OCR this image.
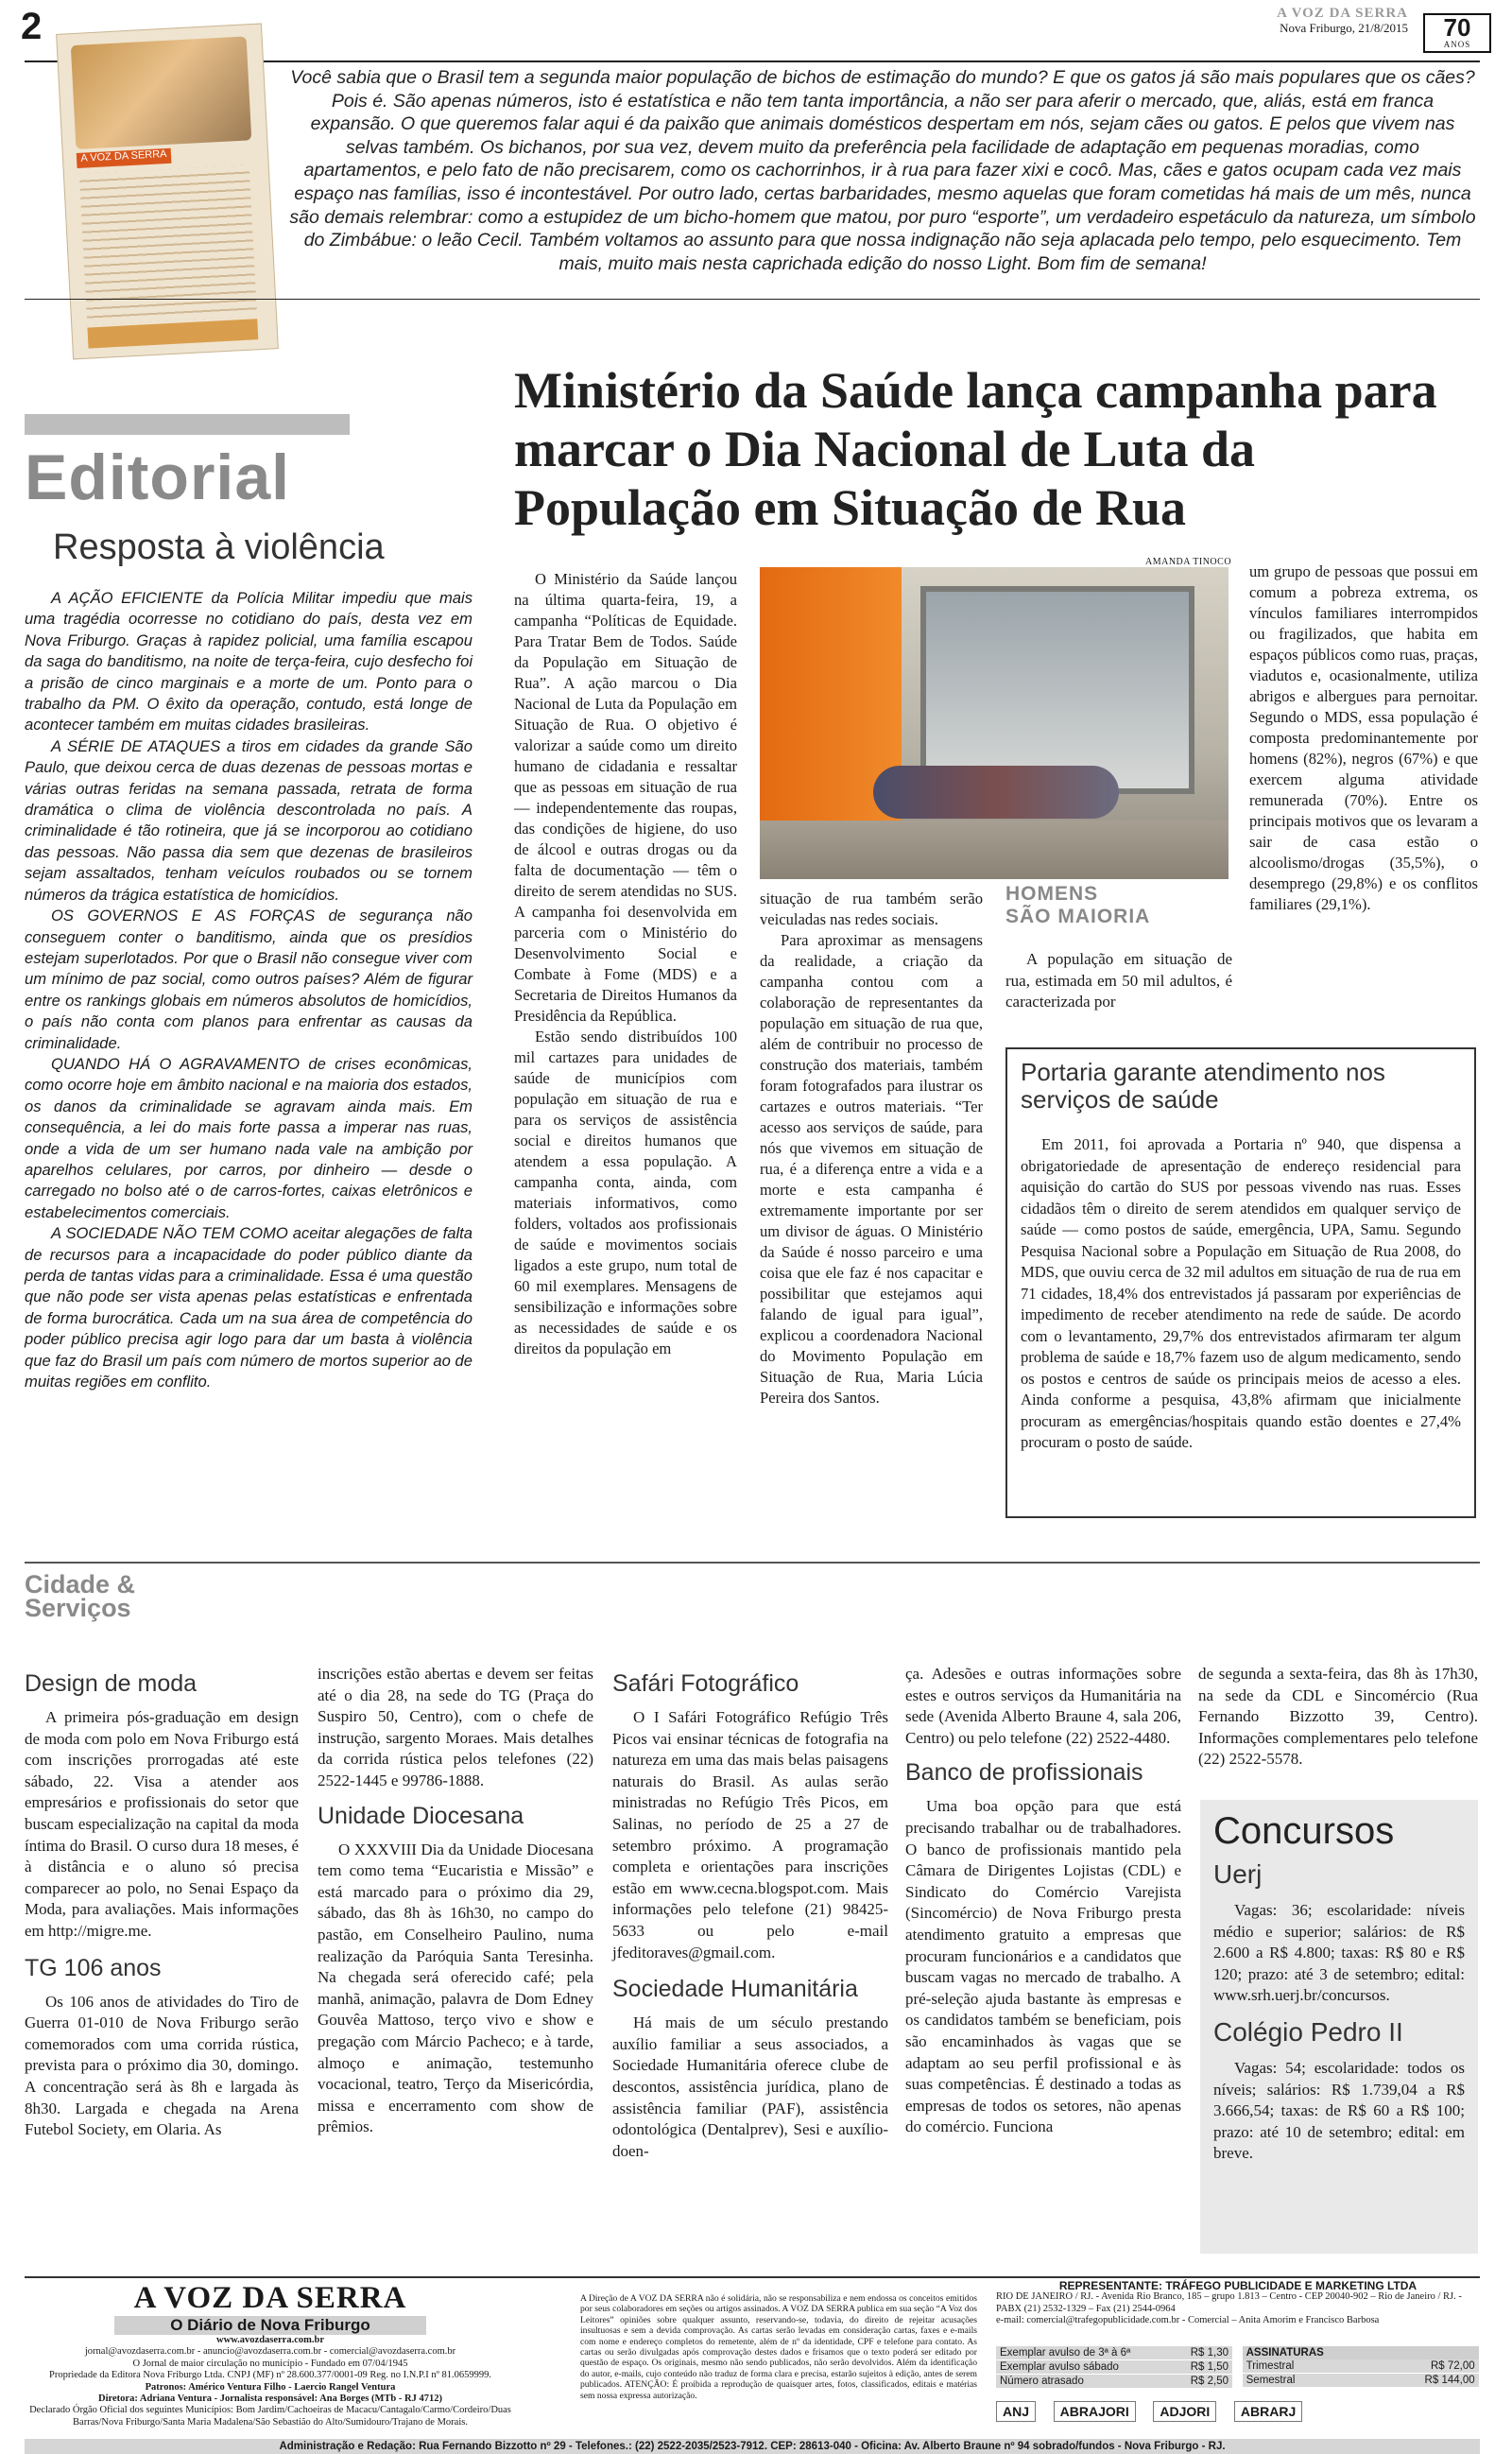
2	A VOZ DA SERRA
Nova Friburgo, 21/8/2015	70
ANOS
A VOZ DA SERRA
Você sabia que o Brasil tem a segunda maior população de bichos de estimação do mundo? E que os gatos já são mais populares que os cães? Pois é. São apenas números, isto é estatística e não tem tanta importância, a não ser para aferir o mercado, que, aliás, está em franca expansão. O que queremos falar aqui é da paixão que animais domésticos despertam em nós, sejam cães ou gatos. E pelos que vivem nas selvas também. Os bichanos, por sua vez, devem muito da preferência pela facilidade de adaptação em pequenas moradias, como apartamentos, e pelo fato de não precisarem, como os cachorrinhos, ir à rua para fazer xixi e cocô. Mas, cães e gatos ocupam cada vez mais espaço nas famílias, isso é incontestável. Por outro lado, certas barbaridades, mesmo aquelas que foram cometidas há mais de um mês, nunca são demais relembrar: como a estupidez de um bicho-homem que matou, por puro “esporte”, um verdadeiro espetáculo da natureza, um símbolo do Zimbábue: o leão Cecil. Também voltamos ao assunto para que nossa indignação não seja aplacada pelo tempo, pelo esquecimento. Tem mais, muito mais nesta caprichada edição do nosso Light. Bom fim de semana!
Editorial
Resposta à violência

A AÇÃO EFICIENTE da Polícia Militar impediu que mais uma tragédia ocorresse no cotidiano do país, desta vez em Nova Friburgo. Graças à rapidez policial, uma família escapou da saga do banditismo, na noite de terça-feira, cujo desfecho foi a prisão de cinco marginais e a morte de um. Ponto para o trabalho da PM. O êxito da operação, contudo, está longe de acontecer também em muitas cidades brasileiras.

A SÉRIE DE ATAQUES a tiros em cidades da grande São Paulo, que deixou cerca de duas dezenas de pessoas mortas e várias outras feridas na semana passada, retrata de forma dramática o clima de violência descontrolada no país. A criminalidade é tão rotineira, que já se incorporou ao cotidiano das pessoas. Não passa dia sem que dezenas de brasileiros sejam assaltados, tenham veículos roubados ou se tornem números da trágica estatística de homicídios.

OS GOVERNOS E AS FORÇAS de segurança não conseguem conter o banditismo, ainda que os presídios estejam superlotados. Por que o Brasil não consegue viver com um mínimo de paz social, como outros países? Além de figurar entre os rankings globais em números absolutos de homicídios, o país não conta com planos para enfrentar as causas da criminalidade.

QUANDO HÁ O AGRAVAMENTO de crises econômicas, como ocorre hoje em âmbito nacional e na maioria dos estados, os danos da criminalidade se agravam ainda mais. Em consequência, a lei do mais forte passa a imperar nas ruas, onde a vida de um ser humano nada vale na ambição por aparelhos celulares, por carros, por dinheiro — desde o carregado no bolso até o de carros-fortes, caixas eletrônicos e estabelecimentos comerciais.

A SOCIEDADE NÃO TEM COMO aceitar alegações de falta de recursos para a incapacidade do poder público diante da perda de tantas vidas para a criminalidade. Essa é uma questão que não pode ser vista apenas pelas estatísticas e enfrentada de forma burocrática. Cada um na sua área de competência do poder público precisa agir logo para dar um basta à violência que faz do Brasil um país com número de mortos superior ao de muitas regiões em conflito.

Ministério da Saúde lança campanha para marcar o Dia Nacional de Luta da População em Situação de Rua

O Ministério da Saúde lançou na última quarta-feira, 19, a campanha “Políticas de Equidade. Para Tratar Bem de Todos. Saúde da População em Situação de Rua”. A ação marcou o Dia Nacional de Luta da População em Situação de Rua. O objetivo é valorizar a saúde como um direito humano de cidadania e ressaltar que as pessoas em situação de rua — independentemente das roupas, das condições de higiene, do uso de álcool e outras drogas ou da falta de documentação — têm o direito de serem atendidas no SUS. A campanha foi desenvolvida em parceria com o Ministério do Desenvolvimento Social e Combate à Fome (MDS) e a Secretaria de Direitos Humanos da Presidência da República.

Estão sendo distribuídos 100 mil cartazes para unidades de saúde de municípios com população em situação de rua e para os serviços de assistência social e direitos humanos que atendem a essa população. A campanha conta, ainda, com materiais informativos, como folders, voltados aos profissionais de saúde e movimentos sociais ligados a este grupo, num total de 60 mil exemplares. Mensagens de sensibilização e informações sobre as necessidades de saúde e os direitos da população em

AMANDA TINOCO

situação de rua também serão veiculadas nas redes sociais.

Para aproximar as mensagens da realidade, a criação da campanha contou com a colaboração de representantes da população em situação de rua que, além de contribuir no processo de construção dos materiais, também foram fotografados para ilustrar os cartazes e outros materiais. “Ter acesso aos serviços de saúde, para nós que vivemos em situação de rua, é a diferença entre a vida e a morte e esta campanha é extremamente importante por ser um divisor de águas. O Ministério da Saúde é nosso parceiro e uma coisa que ele faz é nos capacitar e possibilitar que estejamos aqui falando de igual para igual”, explicou a coordenadora Nacional do Movimento População em Situação de Rua, Maria Lúcia Pereira dos Santos.

HOMENS
SÃO MAIORIA
A população em situação de rua, estimada em 50 mil adultos, é caracterizada por

um grupo de pessoas que possui em comum a pobreza extrema, os vínculos familiares interrompidos ou fragilizados, que habita em espaços públicos como ruas, praças, viadutos e, ocasionalmente, utiliza abrigos e albergues para pernoitar. Segundo o MDS, essa população é composta predominantemente por homens (82%), negros (67%) e que exercem alguma atividade remunerada (70%). Entre os principais motivos que os levaram a sair de casa estão o alcoolismo/drogas (35,5%), o desemprego (29,8%) e os conflitos familiares (29,1%).

Portaria garante atendimento nos serviços de saúde

Em 2011, foi aprovada a Portaria nº 940, que dispensa a obrigatoriedade de apresentação de endereço residencial para aquisição do cartão do SUS por pessoas vivendo nas ruas. Esses cidadãos têm o direito de serem atendidos em qualquer serviço de saúde — como postos de saúde, emergência, UPA, Samu. Segundo Pesquisa Nacional sobre a População em Situação de Rua 2008, do MDS, que ouviu cerca de 32 mil adultos em situação de rua de rua em 71 cidades, 18,4% dos entrevistados já passaram por experiências de impedimento de receber atendimento na rede de saúde. De acordo com o levantamento, 29,7% dos entrevistados afirmaram ter algum problema de saúde e 18,7% fazem uso de algum medicamento, sendo os postos e centros de saúde os principais meios de acesso a eles. Ainda conforme a pesquisa, 43,8% afirmam que inicialmente procuram as emergências/hospitais quando estão doentes e 27,4% procuram o posto de saúde.

Cidade &
Serviços
Design de moda

A primeira pós-graduação em design de moda com polo em Nova Friburgo está com inscrições prorrogadas até este sábado, 22. Visa a atender aos empresários e profissionais do setor que buscam especialização na capital da moda íntima do Brasil. O curso dura 18 meses, é à distância e o aluno só precisa comparecer ao polo, no Senai Espaço da Moda, para avaliações. Mais informações em http://migre.me.

TG 106 anos

Os 106 anos de atividades do Tiro de Guerra 01-010 de Nova Friburgo serão comemorados com uma corrida rústica, prevista para o próximo dia 30, domingo. A concentração será às 8h e largada às 8h30. Largada e chegada na Arena Futebol Society, em Olaria. As

inscrições estão abertas e devem ser feitas até o dia 28, na sede do TG (Praça do Suspiro 50, Centro), com o chefe de instrução, sargento Moraes. Mais detalhes da corrida rústica pelos telefones (22) 2522-1445 e 99786-1888.

Unidade Diocesana

O XXXVIII Dia da Unidade Diocesana tem como tema “Eucaristia e Missão” e está marcado para o próximo dia 29, sábado, das 8h às 16h30, no campo do pastão, em Conselheiro Paulino, numa realização da Paróquia Santa Teresinha. Na chegada será oferecido café; pela manhã, animação, palavra de Dom Edney Gouvêa Mattoso, terço vivo e show e pregação com Márcio Pacheco; e à tarde, almoço e animação, testemunho vocacional, teatro, Terço da Misericórdia, missa e encerramento com show de prêmios.

Safári Fotográfico

O I Safári Fotográfico Refúgio Três Picos vai ensinar técnicas de fotografia na natureza em uma das mais belas paisagens naturais do Brasil. As aulas serão ministradas no Refúgio Três Picos, em Salinas, no período de 25 a 27 de setembro próximo. A programação completa e orientações para inscrições estão em www.cecna.blogspot.com. Mais informações pelo telefone (21) 98425-5633 ou pelo e-mail jfeditoraves@gmail.com.

Sociedade Humanitária

Há mais de um século prestando auxílio familiar a seus associados, a Sociedade Humanitária oferece clube de descontos, assistência jurídica, plano de assistência familiar (PAF), assistência odontológica (Dentalprev), Sesi e auxílio-doen-

ça. Adesões e outras informações sobre estes e outros serviços da Humanitária na sede (Avenida Alberto Braune 4, sala 206, Centro) ou pelo telefone (22) 2522-4480.

Banco de profissionais

Uma boa opção para que está precisando trabalhar ou de trabalhadores. O banco de profissionais mantido pela Câmara de Dirigentes Lojistas (CDL) e Sindicato do Comércio Varejista (Sincomércio) de Nova Friburgo presta atendimento gratuito a empresas que procuram funcionários e a candidatos que buscam vagas no mercado de trabalho. A pré-seleção ajuda bastante às empresas e os candidatos também se beneficiam, pois são encaminhados às vagas que se adaptam ao seu perfil profissional e às suas competências. É destinado a todas as empresas de todos os setores, não apenas do comércio. Funciona

de segunda a sexta-feira, das 8h às 17h30, na sede da CDL e Sincomércio (Rua Fernando Bizzotto 39, Centro). Informações complementares pelo telefone (22) 2522-5578.

Concursos
Uerj

Vagas: 36; escolaridade: níveis médio e superior; salários: de R$ 2.600 a R$ 4.800; taxas: R$ 80 e R$ 120; prazo: até 3 de setembro; edital: www.srh.uerj.br/concursos.

Colégio Pedro II

Vagas: 54; escolaridade: todos os níveis; salários: R$ 1.739,04 a R$ 3.666,54; taxas: de R$ 60 a R$ 100; prazo: até 10 de setembro; edital: em breve.

A VOZ DA SERRA
O Diário de Nova Friburgo
www.avozdaserra.com.br
jornal@avozdaserra.com.br - anuncio@avozdaserra.com.br - comercial@avozdaserra.com.br
O Jornal de maior circulação no município - Fundado em 07/04/1945
Propriedade da Editora Nova Friburgo Ltda. CNPJ (MF) nº 28.600.377/0001-09 Reg. no I.N.P.I nº 81.0659999.
Patronos: Américo Ventura Filho - Laercio Rangel Ventura
Diretora: Adriana Ventura - Jornalista responsável: Ana Borges (MTb - RJ 4712)
Declarado Órgão Oficial dos seguintes Municípios: Bom Jardim/Cachoeiras de Macacu/Cantagalo/Carmo/Cordeiro/Duas Barras/Nova Friburgo/Santa Maria Madalena/São Sebastião do Alto/Sumidouro/Trajano de Morais.
A Direção de A VOZ DA SERRA não é solidária, não se responsabiliza e nem endossa os conceitos emitidos por seus colaboradores em seções ou artigos assinados. A VOZ DA SERRA publica em sua seção “A Voz dos Leitores” opiniões sobre qualquer assunto, reservando-se, todavia, do direito de rejeitar acusações insultuosas e sem a devida comprovação. As cartas serão levadas em consideração cartas, faxes e e-mails com nome e endereço completos do remetente, além de nº da identidade, CPF e telefone para contato. As cartas ou serão divulgadas após comprovação destes dados e frisamos que o texto poderá ser editado por questão de espaço. Os originais, mesmo não sendo publicados, não serão devolvidos. Além da identificação do autor, e-mails, cujo conteúdo não traduz de forma clara e precisa, estarão sujeitos à edição, antes de serem publicados. ATENÇÃO: É proibida a reprodução de quaisquer artes, fotos, classificados, editais e matérias sem nossa expressa autorização.
REPRESENTANTE: TRÁFEGO PUBLICIDADE E MARKETING LTDA
RIO DE JANEIRO / RJ. - Avenida Rio Branco, 185 – grupo 1.813 – Centro - CEP 20040-902 – Rio de Janeiro / RJ. - PABX (21) 2532-1329 – Fax (21) 2544-0964
e-mail: comercial@trafegopublicidade.com.br - Comercial – Anita Amorim e Francisco Barbosa
Exemplar avulso de 3ª à 6ª	R$ 1,30
Exemplar avulso sábado	R$ 1,50
Número atrasado	R$ 2,50

ASSINATURAS
Trimestral	R$ 72,00
Semestral	R$ 144,00
ANJ ABRAJORI ADJORI ABRARJ
Administração e Redação: Rua Fernando Bizzotto nº 29 - Telefones.: (22) 2522-2035/2523-7912. CEP: 28613-040 - Oficina: Av. Alberto Braune nº 94 sobrado/fundos - Nova Friburgo - RJ.
